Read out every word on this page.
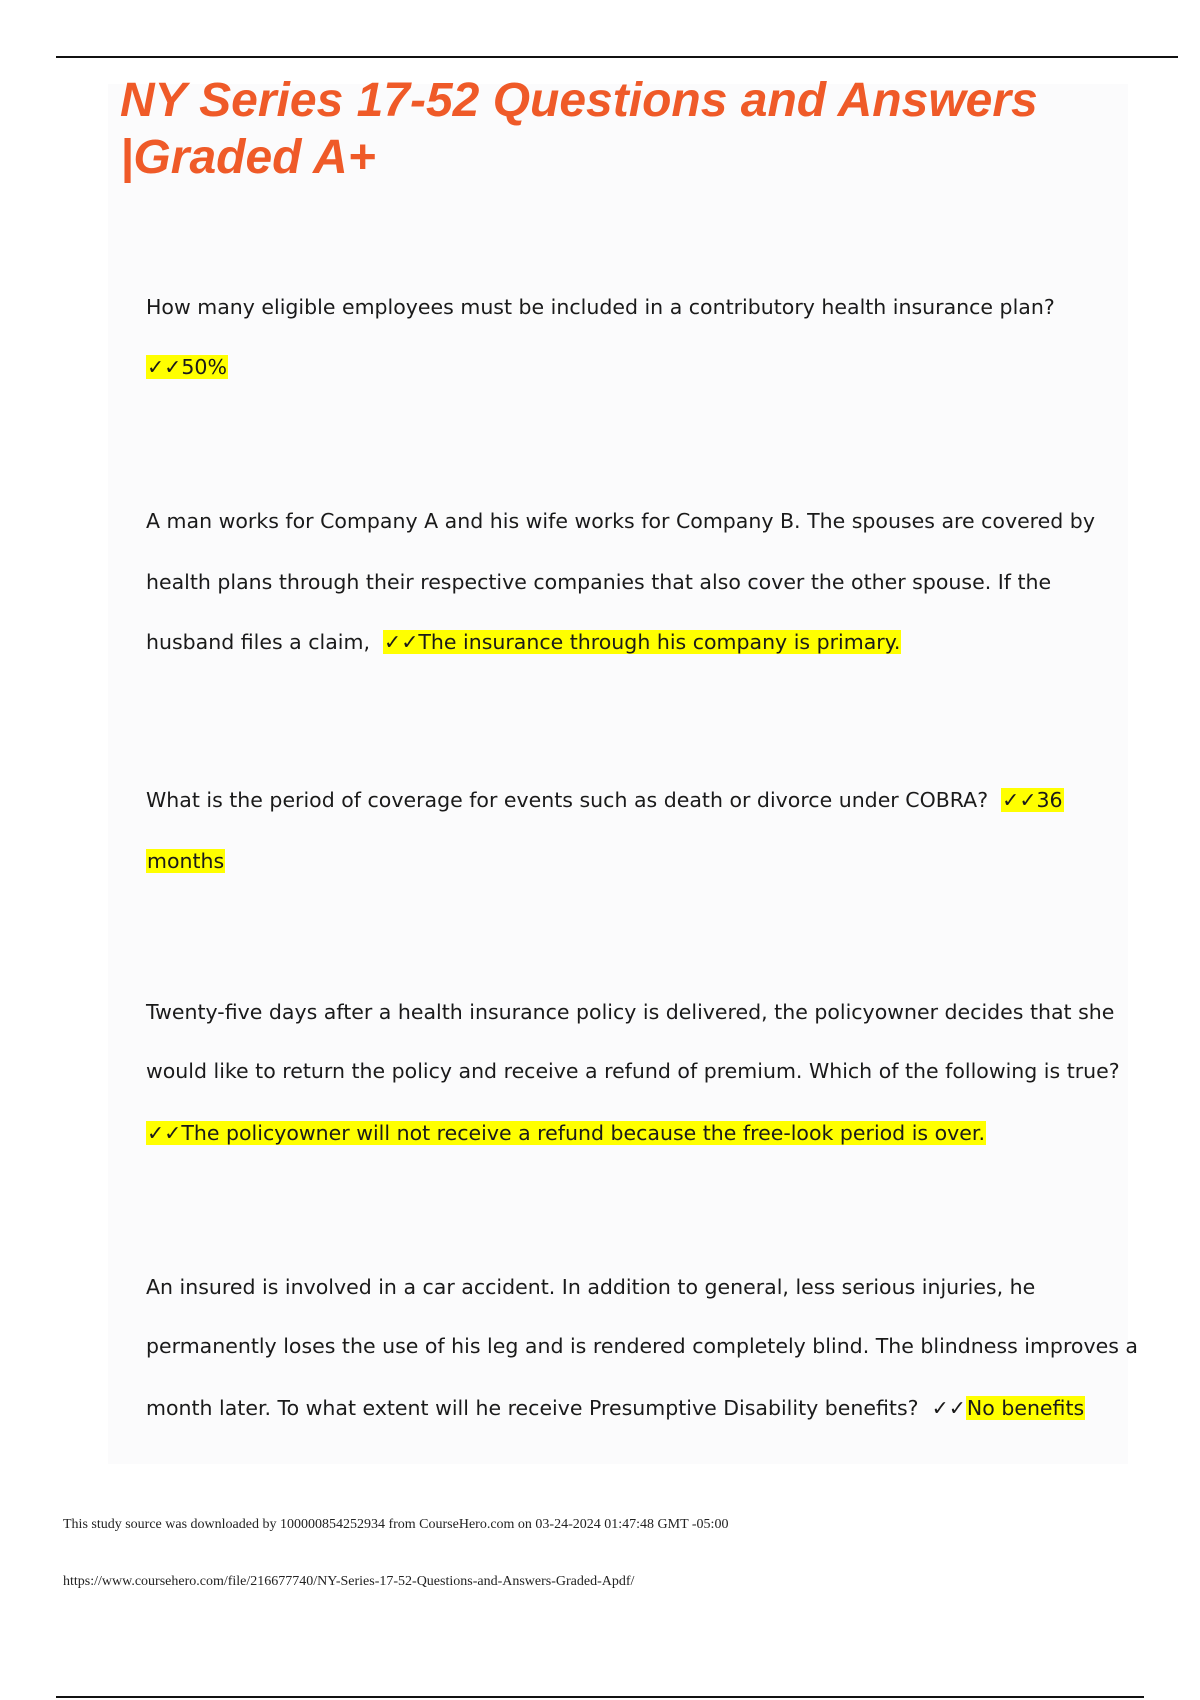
NY Series 17-52 Questions and Answers
|Graded A+
How many eligible employees must be included in a contributory health insurance plan?
✓✓50%
A man works for Company A and his wife works for Company B. The spouses are covered by
health plans through their respective companies that also cover the other spouse. If the
husband files a claim, ✓✓The insurance through his company is primary.
What is the period of coverage for events such as death or divorce under COBRA? ✓✓36
months
Twenty-five days after a health insurance policy is delivered, the policyowner decides that she
would like to return the policy and receive a refund of premium. Which of the following is true?
✓✓The policyowner will not receive a refund because the free-look period is over.
An insured is involved in a car accident. In addition to general, less serious injuries, he
permanently loses the use of his leg and is rendered completely blind. The blindness improves a
month later. To what extent will he receive Presumptive Disability benefits? ✓✓No benefits
This study source was downloaded by 100000854252934 from CourseHero.com on 03-24-2024 01:47:48 GMT -05:00
https://www.coursehero.com/file/216677740/NY-Series-17-52-Questions-and-Answers-Graded-Apdf/
